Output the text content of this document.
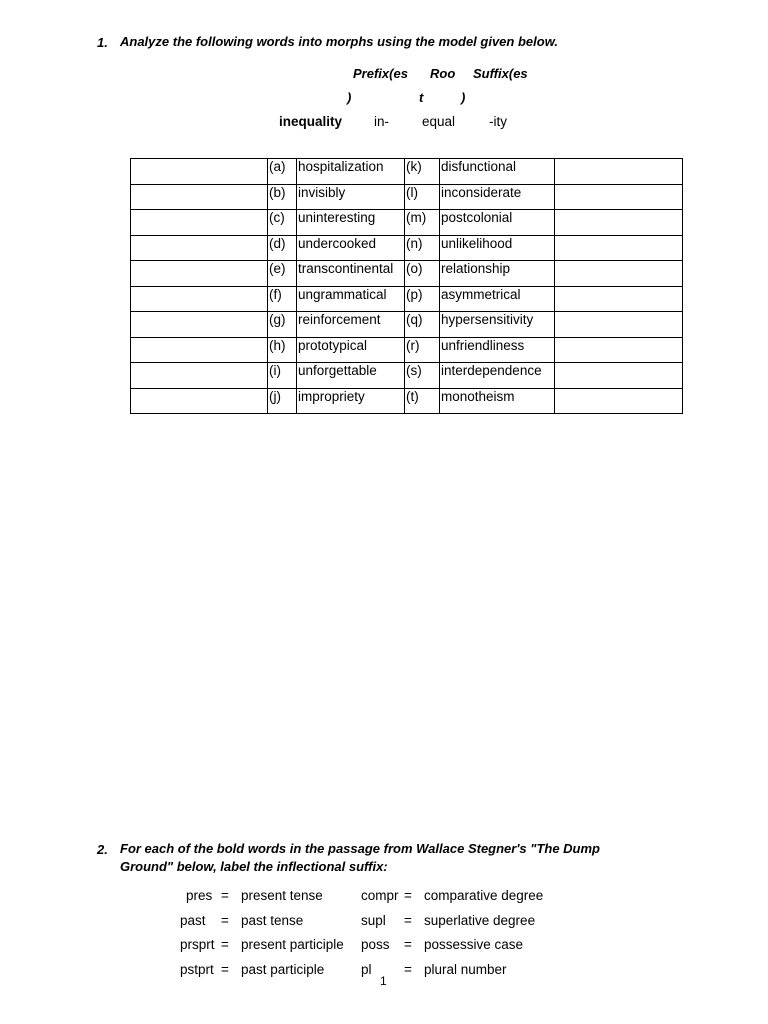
1. Analyze the following words into morphs using the model given below.
Prefix(es
)
Roo
t
Suffix(es
)
inequality in- equal	-ity

	(a)	hospitalization	(k)	disfunctional	

	(b)	invisibly	(l)	inconsiderate	

	(c)	uninteresting	(m)	postcolonial	

	(d)	undercooked	(n)	unlikelihood	

	(e)	transcontinental	(o)	relationship	

	(f)	ungrammatical	(p)	asymmetrical	

	(g)	reinforcement	(q)	hypersensitivity	

	(h)	prototypical	(r)	unfriendliness	

	(i)	unforgettable	(s)	interdependence	

	(j)	impropriety	(t)	monotheism	

2. For each of the bold words in the passage from Wallace Stegner's "The Dump
Ground" below, label the inflectional suffix:
pres = present tense	compr = comparative degree
past = past tense	supl = superlative degree
prsprt = present participle poss = possessive case
pstprt = past participle	pl = plural number
1
